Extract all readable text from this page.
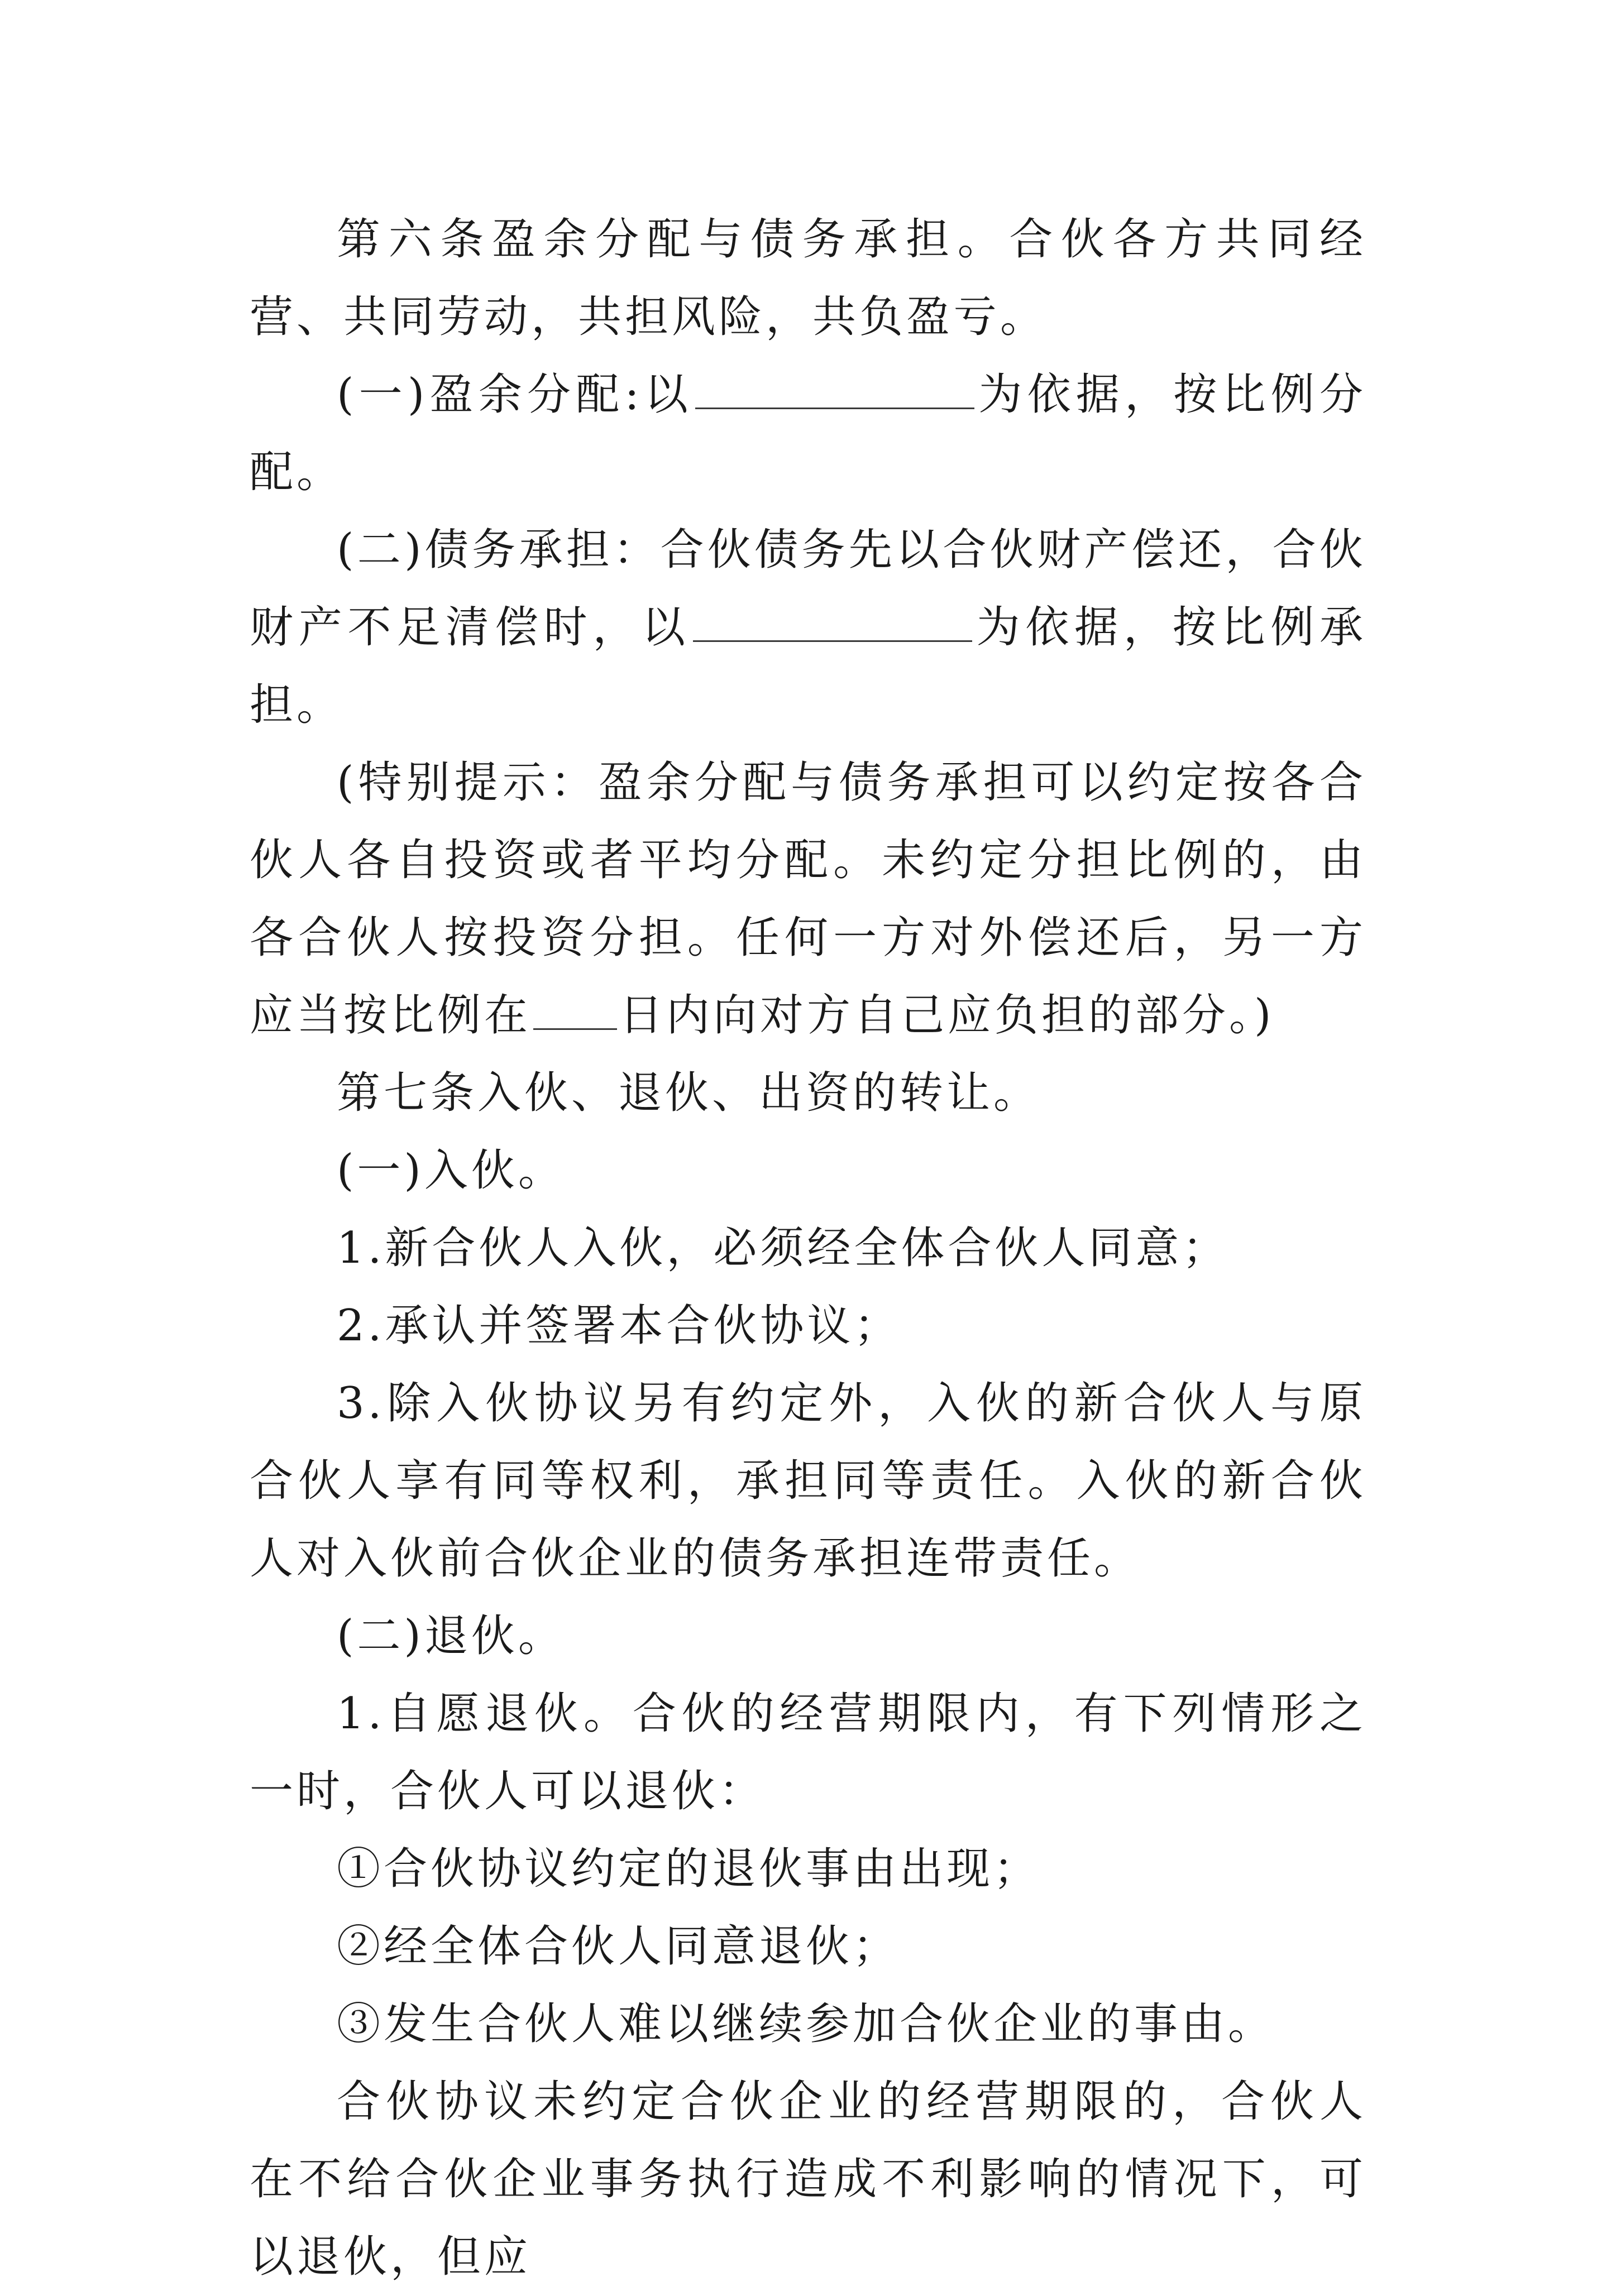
第六条盈余分配与债务承担。合伙各方共同经营、共同劳动，共担风险，共负盈亏。

(一)盈余分配:以	为依据，按比例分配。

(二)债务承担：合伙债务先以合伙财产偿还，合伙财产不足清偿时，以	为依据，按比例承担。

(特别提示：盈余分配与债务承担可以约定按各合伙人各自投资或者平均分配。未约定分担比例的，由各合伙人按投资分担。任何一方对外偿还后，另一方应当按比例在 日内向对方自己应负担的部分。)

第七条入伙、退伙、出资的转让。

(一)入伙。

1.新合伙人入伙，必须经全体合伙人同意；

2.承认并签署本合伙协议；

3.除入伙协议另有约定外，入伙的新合伙人与原合伙人享有同等权利，承担同等责任。入伙的新合伙人对入伙前合伙企业的债务承担连带责任。

(二)退伙。

1.自愿退伙。合伙的经营期限内，有下列情形之一时，合伙人可以退伙：

①合伙协议约定的退伙事由出现；

②经全体合伙人同意退伙；

③发生合伙人难以继续参加合伙企业的事由。

合伙协议未约定合伙企业的经营期限的，合伙人在不给合伙企业事务执行造成不利影响的情况下，可以退伙，但应
